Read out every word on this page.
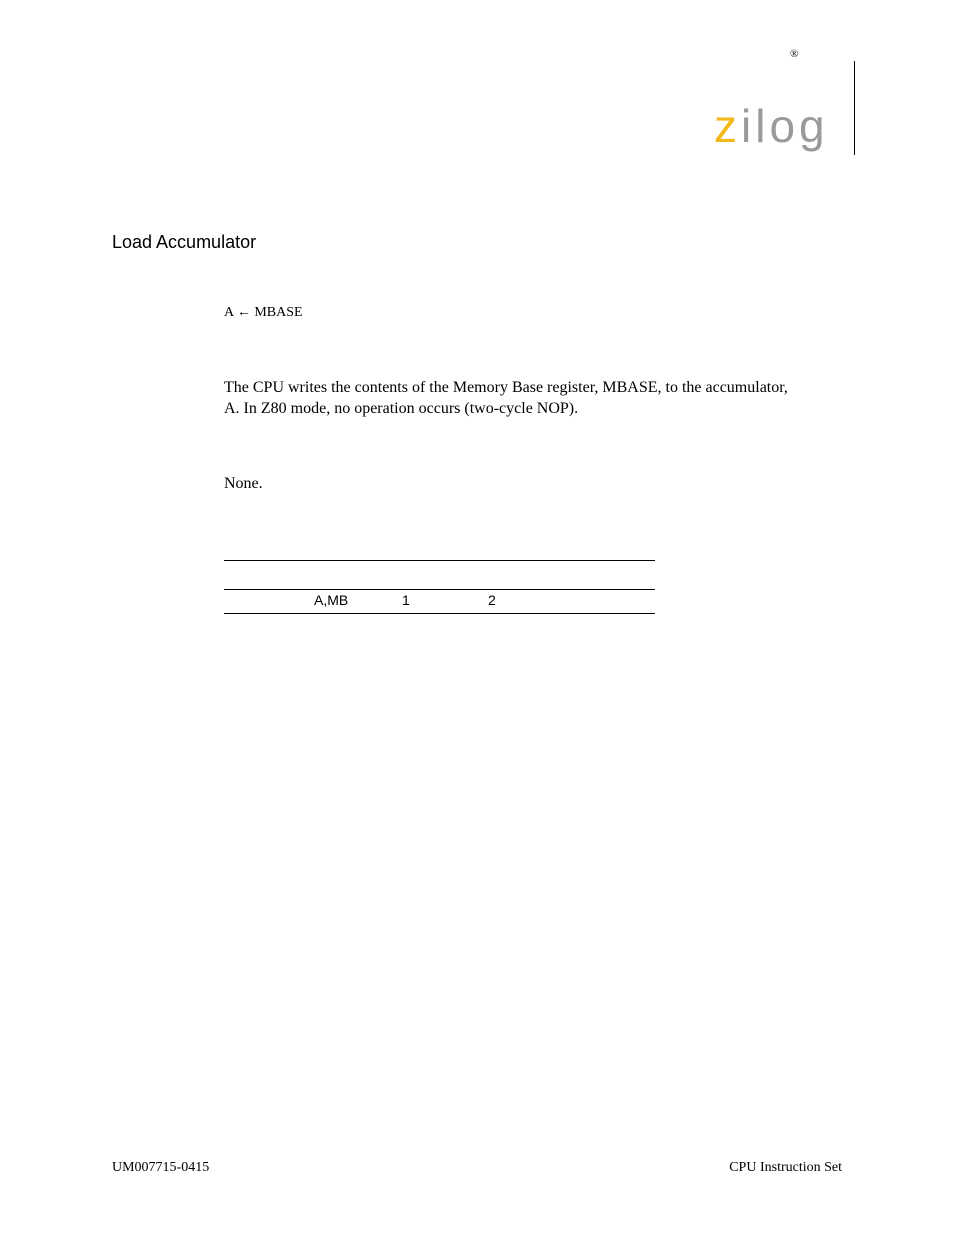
®
zilog
Load Accumulator
A ← MBASE
The CPU writes the contents of the Memory Base register, MBASE, to the accumulator,
A. In Z80 mode, no operation occurs (two-cycle NOP).
None.
A,MB	1	2
UM007715-0415	CPU Instruction Set
